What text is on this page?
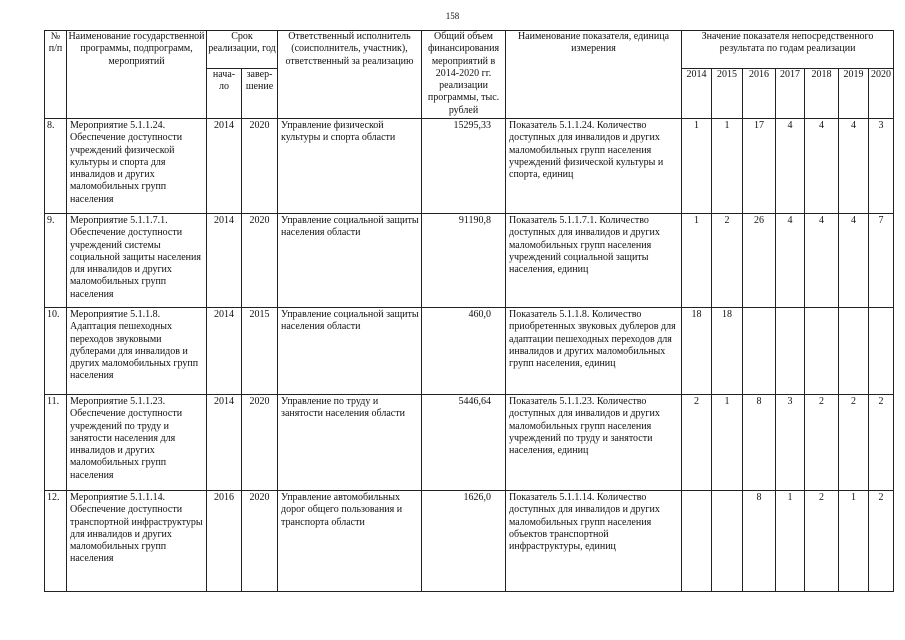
158
№ п/п	Наименование государственной программы, подпрограмм, мероприятий	Срок реализации, год		Ответственный исполнитель (соисполнитель, участник), ответственный за реализацию	Общий объем финансирования мероприятий в 2014-2020 гг. реализации программы, тыс. рублей	Наименование показателя, единица измерения	Значение показателя непосредственного результата по годам реализации						
		нача-ло	завер-шение				2014	2015	2016	2017	2018	2019	2020
8.	Мероприятие 5.1.1.24. Обеспечение доступности учреждений физической культуры и спорта для инвалидов и других маломобильных групп населения	2014	2020	Управление физической культуры и спорта области	15295,33	Показатель 5.1.1.24. Количество доступных для инвалидов и других маломобильных групп населения учреждений физической культуры и спорта, единиц	1	1	17	4	4	4	3
9.	Мероприятие 5.1.1.7.1. Обеспечение доступности учреждений системы социальной защиты населения для инвалидов и других маломобильных групп населения	2014	2020	Управление социальной защиты населения области	91190,8	Показатель 5.1.1.7.1. Количество доступных для инвалидов и других маломобильных групп населения учреждений социальной защиты населения, единиц	1	2	26	4	4	4	7
10.	Мероприятие 5.1.1.8. Адаптация пешеходных переходов звуковыми дублерами для инвалидов и других маломобильных групп населения	2014	2015	Управление социальной защиты населения области	460,0	Показатель 5.1.1.8. Количество приобретенных звуковых дублеров для адаптации пешеходных переходов для инвалидов и других маломобильных групп населения, единиц	18	18					
11.	Мероприятие 5.1.1.23. Обеспечение доступности учреждений по труду и занятости населения для инвалидов и других маломобильных групп населения	2014	2020	Управление по труду и занятости населения области	5446,64	Показатель 5.1.1.23. Количество доступных для инвалидов и других маломобильных групп населения учреждений по труду и занятости населения, единиц	2	1	8	3	2	2	2
12.	Мероприятие 5.1.1.14. Обеспечение доступности транспортной инфраструктуры для инвалидов и других маломобильных групп населения	2016	2020	Управление автомобильных дорог общего пользования и транспорта области	1626,0	Показатель 5.1.1.14. Количество доступных для инвалидов и других маломобильных групп населения объектов транспортной инфраструктуры, единиц			8	1	2	1	2
